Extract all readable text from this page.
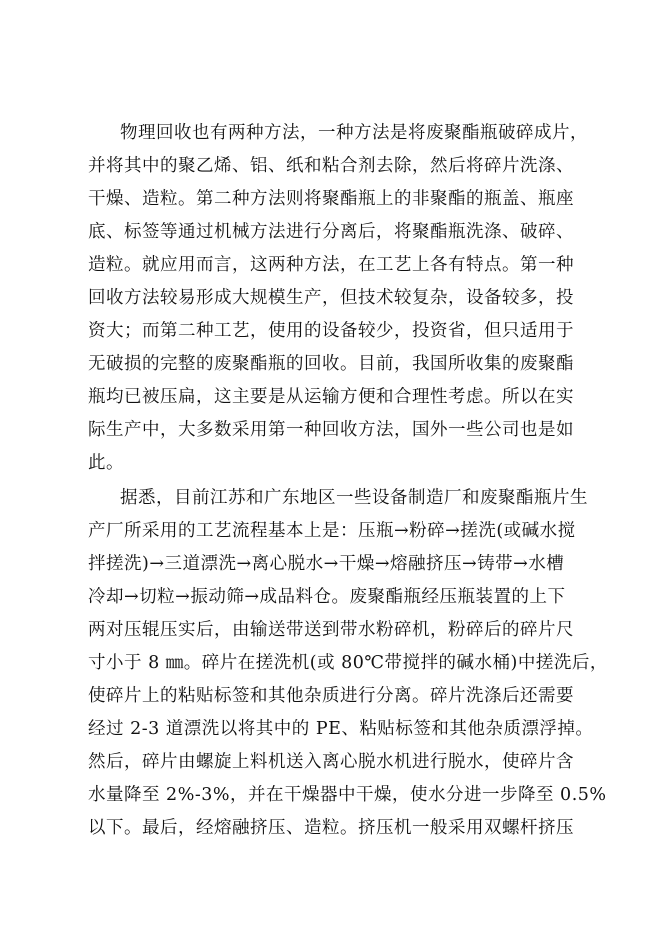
物理回收也有两种方法，一种方法是将废聚酯瓶破碎成片，
并将其中的聚乙烯、铝、纸和粘合剂去除，然后将碎片洗涤、
干燥、造粒。第二种方法则将聚酯瓶上的非聚酯的瓶盖、瓶座
底、标签等通过机械方法进行分离后，将聚酯瓶洗涤、破碎、
造粒。就应用而言，这两种方法，在工艺上各有特点。第一种
回收方法较易形成大规模生产，但技术较复杂，设备较多，投
资大；而第二种工艺，使用的设备较少，投资省，但只适用于
无破损的完整的废聚酯瓶的回收。目前，我国所收集的废聚酯
瓶均已被压扁，这主要是从运输方便和合理性考虑。所以在实
际生产中，大多数采用第一种回收方法，国外一些公司也是如
此。
据悉，目前江苏和广东地区一些设备制造厂和废聚酯瓶片生
产厂所采用的工艺流程基本上是：压瓶→粉碎→搓洗(或碱水搅
拌搓洗)→三道漂洗→离心脱水→干燥→熔融挤压→铸带→水槽
冷却→切粒→振动筛→成品料仓。废聚酯瓶经压瓶装置的上下
两对压辊压实后，由输送带送到带水粉碎机，粉碎后的碎片尺
寸小于 8 ㎜。碎片在搓洗机(或 80℃带搅拌的碱水桶)中搓洗后，
使碎片上的粘贴标签和其他杂质进行分离。碎片洗涤后还需要
经过 2-3 道漂洗以将其中的 PE、粘贴标签和其他杂质漂浮掉。
然后，碎片由螺旋上料机送入离心脱水机进行脱水，使碎片含
水量降至 2%-3%，并在干燥器中干燥，使水分进一步降至 0.5%
以下。最后，经熔融挤压、造粒。挤压机一般采用双螺杆挤压
